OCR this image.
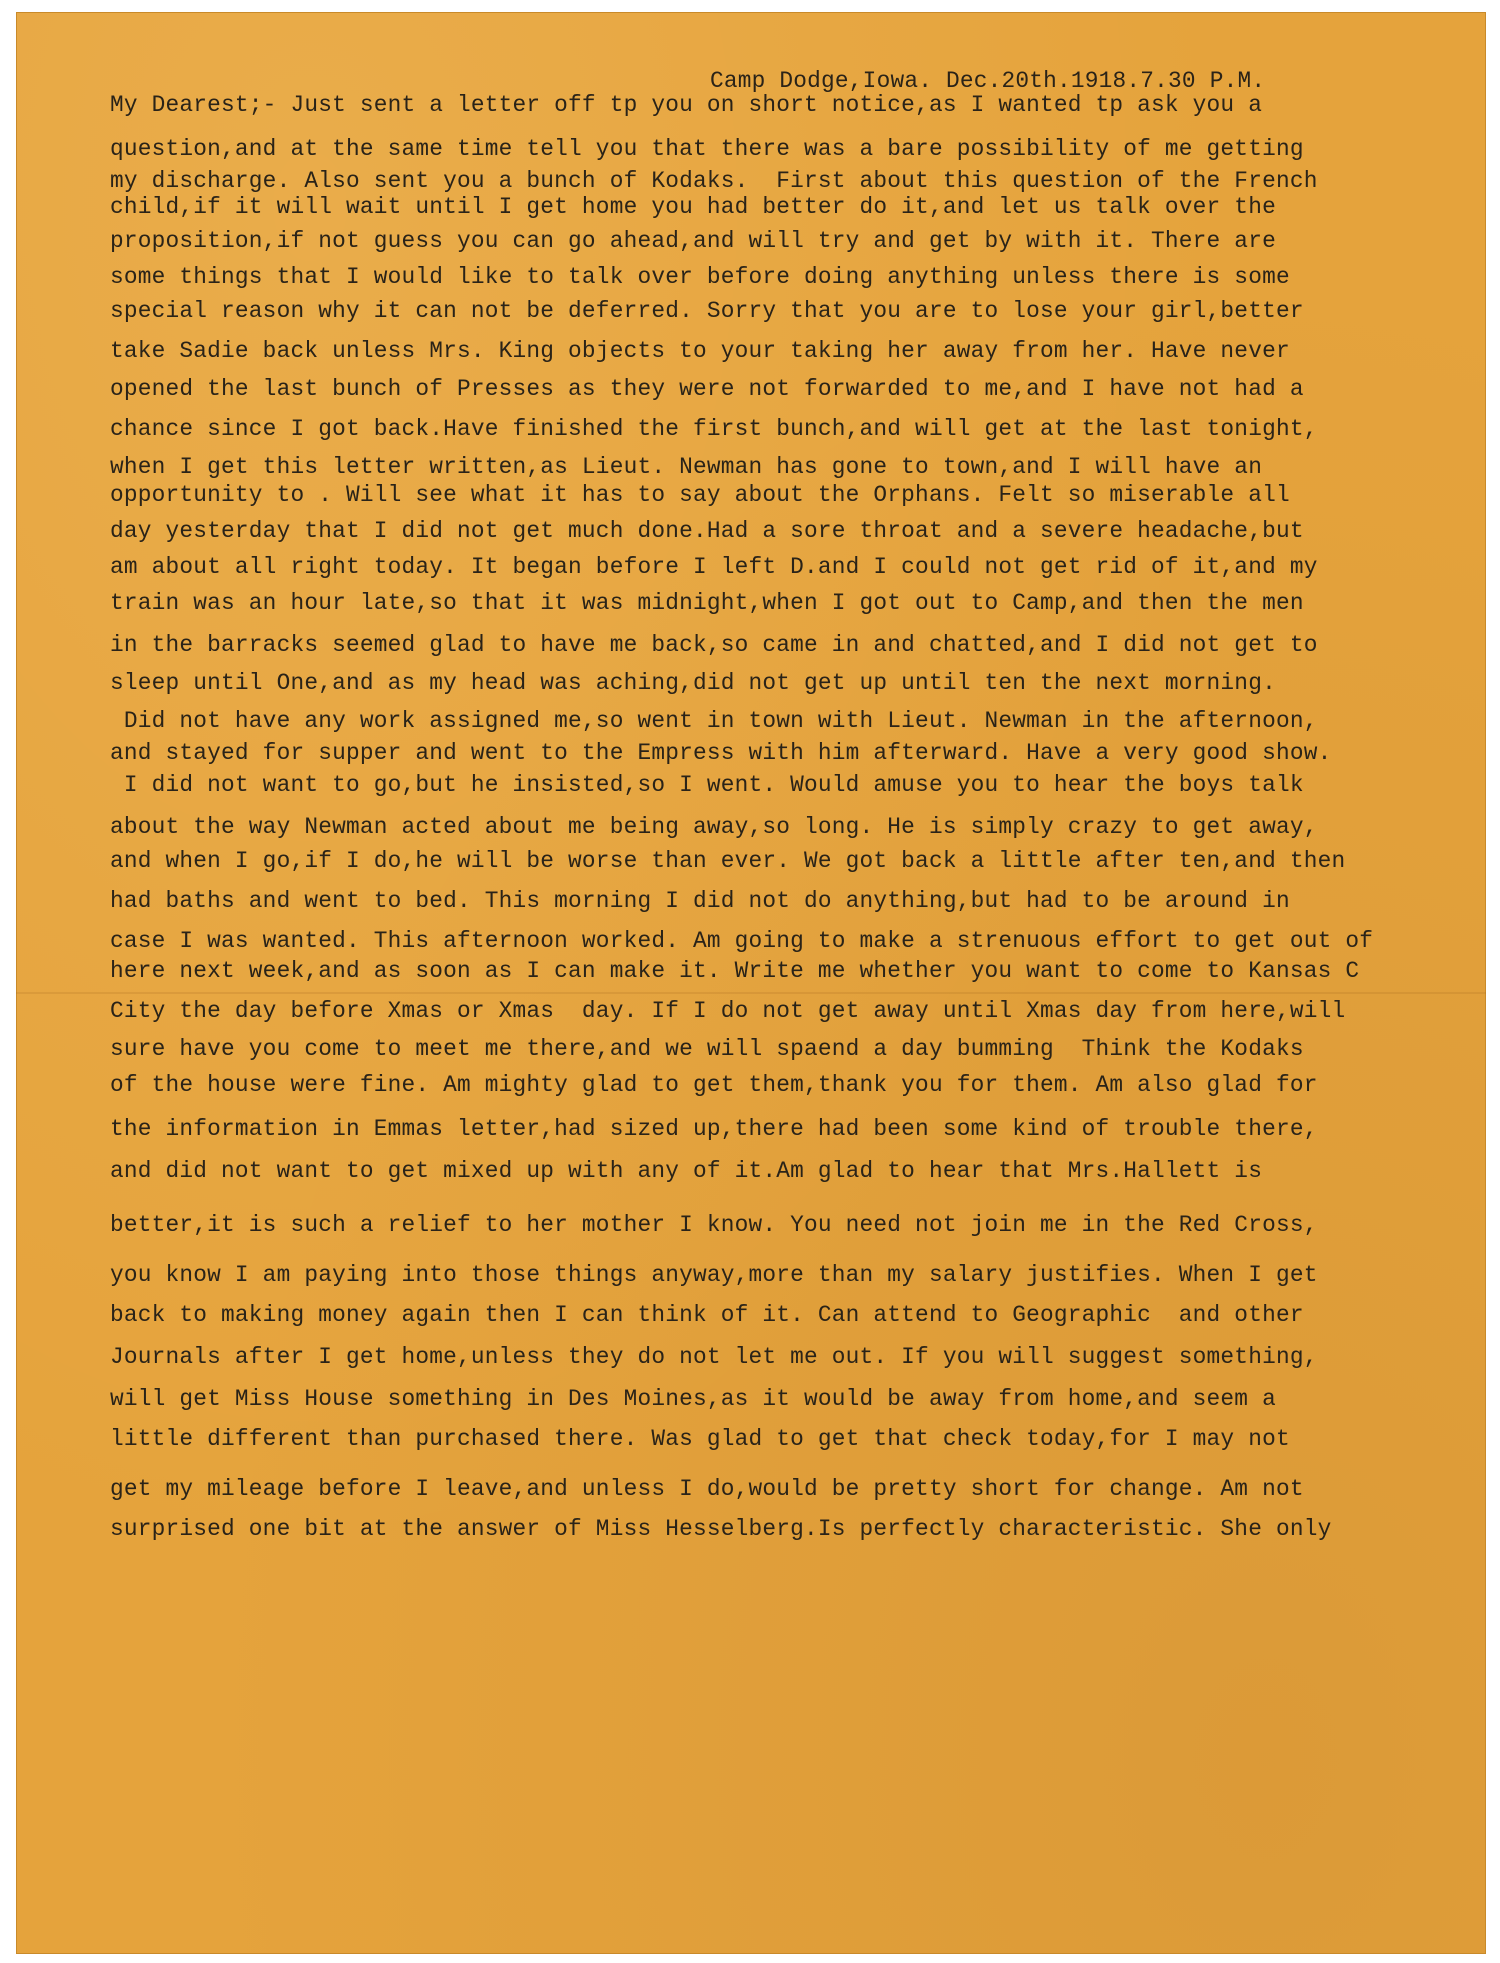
Camp Dodge,Iowa. Dec.20th.1918.7.30 P.M.
My Dearest;- Just sent a letter off tp you on short notice,as I wanted tp ask you a
question,and at the same time tell you that there was a bare possibility of me getting
my discharge. Also sent you a bunch of Kodaks.  First about this question of the French
child,if it will wait until I get home you had better do it,and let us talk over the
proposition,if not guess you can go ahead,and will try and get by with it. There are
some things that I would like to talk over before doing anything unless there is some
special reason why it can not be deferred. Sorry that you are to lose your girl,better
take Sadie back unless Mrs. King objects to your taking her away from her. Have never
opened the last bunch of Presses as they were not forwarded to me,and I have not had a
chance since I got back.Have finished the first bunch,and will get at the last tonight,
when I get this letter written,as Lieut. Newman has gone to town,and I will have an
opportunity to . Will see what it has to say about the Orphans. Felt so miserable all
day yesterday that I did not get much done.Had a sore throat and a severe headache,but
am about all right today. It began before I left D.and I could not get rid of it,and my
train was an hour late,so that it was midnight,when I got out to Camp,and then the men
in the barracks seemed glad to have me back,so came in and chatted,and I did not get to
sleep until One,and as my head was aching,did not get up until ten the next morning.
Did not have any work assigned me,so went in town with Lieut. Newman in the afternoon,
and stayed for supper and went to the Empress with him afterward. Have a very good show.
I did not want to go,but he insisted,so I went. Would amuse you to hear the boys talk
about the way Newman acted about me being away,so long. He is simply crazy to get away,
and when I go,if I do,he will be worse than ever. We got back a little after ten,and then
had baths and went to bed. This morning I did not do anything,but had to be around in
case I was wanted. This afternoon worked. Am going to make a strenuous effort to get out of
here next week,and as soon as I can make it. Write me whether you want to come to Kansas C
City the day before Xmas or Xmas  day. If I do not get away until Xmas day from here,will
sure have you come to meet me there,and we will spaend a day bumming  Think the Kodaks
of the house were fine. Am mighty glad to get them,thank you for them. Am also glad for
the information in Emmas letter,had sized up,there had been some kind of trouble there,
and did not want to get mixed up with any of it.Am glad to hear that Mrs.Hallett is
better,it is such a relief to her mother I know. You need not join me in the Red Cross,
you know I am paying into those things anyway,more than my salary justifies. When I get
back to making money again then I can think of it. Can attend to Geographic  and other
Journals after I get home,unless they do not let me out. If you will suggest something,
will get Miss House something in Des Moines,as it would be away from home,and seem a
little different than purchased there. Was glad to get that check today,for I may not
get my mileage before I leave,and unless I do,would be pretty short for change. Am not
surprised one bit at the answer of Miss Hesselberg.Is perfectly characteristic. She only
